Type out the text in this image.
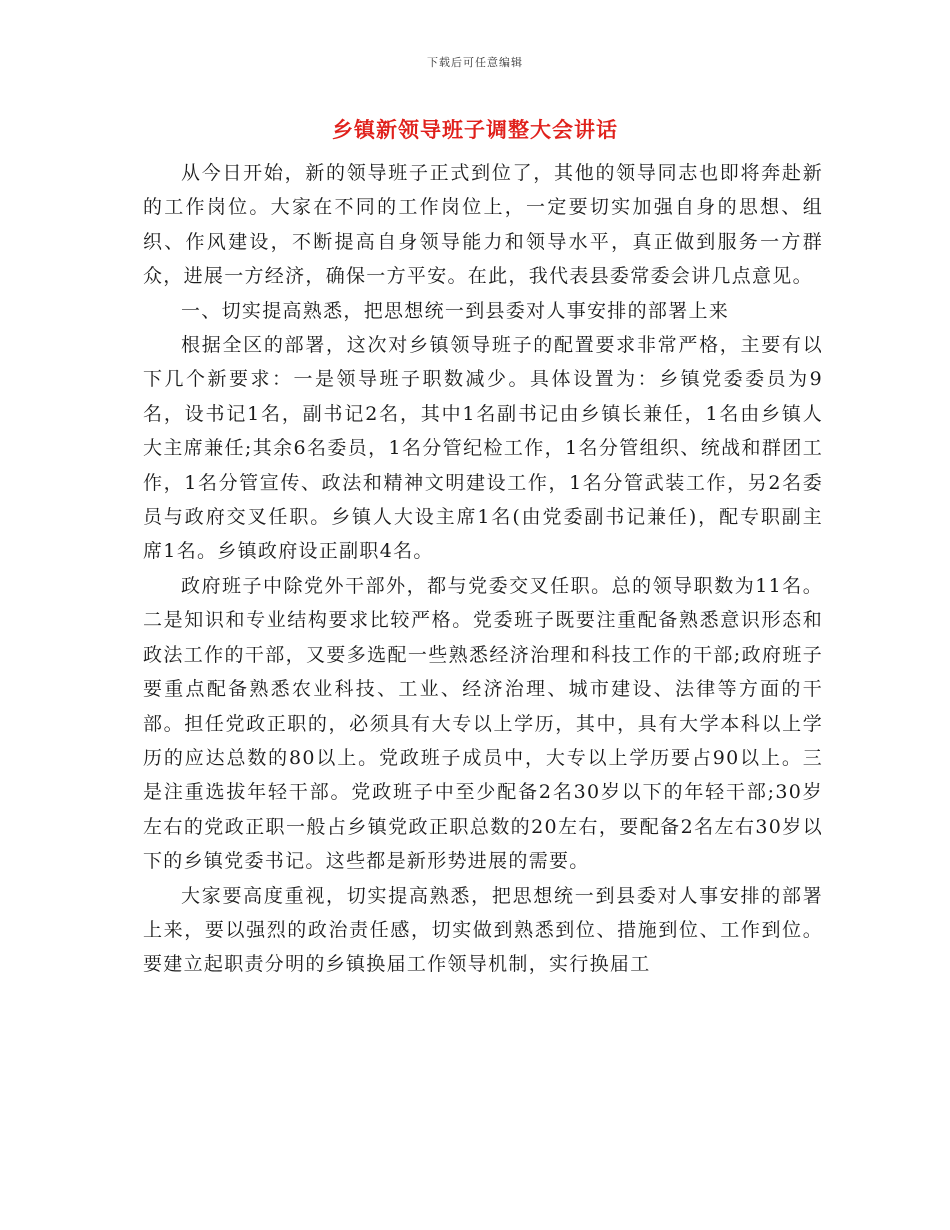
下载后可任意编辑
乡镇新领导班子调整大会讲话

从今日开始，新的领导班子正式到位了，其他的领导同志也即将奔赴新的工作岗位。大家在不同的工作岗位上，一定要切实加强自身的思想、组织、作风建设，不断提高自身领导能力和领导水平，真正做到服务一方群众，进展一方经济，确保一方平安。在此，我代表县委常委会讲几点意见。

一、切实提高熟悉，把思想统一到县委对人事安排的部署上来

根据全区的部署，这次对乡镇领导班子的配置要求非常严格，主要有以下几个新要求：一是领导班子职数减少。具体设置为：乡镇党委委员为9名，设书记1名，副书记2名，其中1名副书记由乡镇长兼任，1名由乡镇人大主席兼任;其余6名委员，1名分管纪检工作，1名分管组织、统战和群团工作，1名分管宣传、政法和精神文明建设工作，1名分管武装工作，另2名委员与政府交叉任职。乡镇人大设主席1名(由党委副书记兼任)，配专职副主席1名。乡镇政府设正副职4名。

政府班子中除党外干部外，都与党委交叉任职。总的领导职数为11名。二是知识和专业结构要求比较严格。党委班子既要注重配备熟悉意识形态和政法工作的干部，又要多选配一些熟悉经济治理和科技工作的干部;政府班子要重点配备熟悉农业科技、工业、经济治理、城市建设、法律等方面的干部。担任党政正职的，必须具有大专以上学历，其中，具有大学本科以上学历的应达总数的80以上。党政班子成员中，大专以上学历要占90以上。三是注重选拔年轻干部。党政班子中至少配备2名30岁以下的年轻干部;30岁左右的党政正职一般占乡镇党政正职总数的20左右，要配备2名左右30岁以下的乡镇党委书记。这些都是新形势进展的需要。

大家要高度重视，切实提高熟悉，把思想统一到县委对人事安排的部署上来，要以强烈的政治责任感，切实做到熟悉到位、措施到位、工作到位。要建立起职责分明的乡镇换届工作领导机制，实行换届工
